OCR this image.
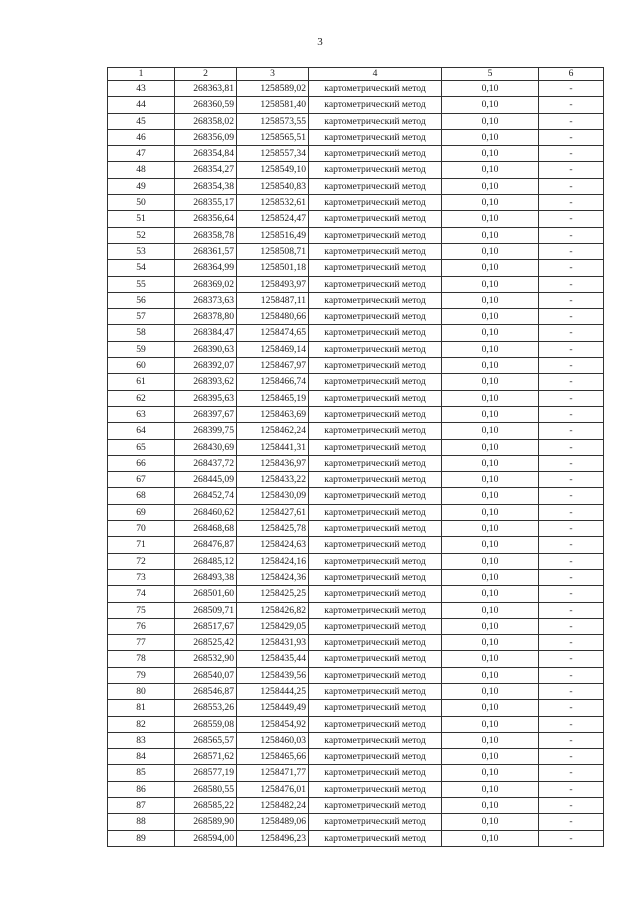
3
1	2	3	4	5	6
43	268363,81	1258589,02	картометрический метод	0,10	-
44	268360,59	1258581,40	картометрический метод	0,10	-
45	268358,02	1258573,55	картометрический метод	0,10	-
46	268356,09	1258565,51	картометрический метод	0,10	-
47	268354,84	1258557,34	картометрический метод	0,10	-
48	268354,27	1258549,10	картометрический метод	0,10	-
49	268354,38	1258540,83	картометрический метод	0,10	-
50	268355,17	1258532,61	картометрический метод	0,10	-
51	268356,64	1258524,47	картометрический метод	0,10	-
52	268358,78	1258516,49	картометрический метод	0,10	-
53	268361,57	1258508,71	картометрический метод	0,10	-
54	268364,99	1258501,18	картометрический метод	0,10	-
55	268369,02	1258493,97	картометрический метод	0,10	-
56	268373,63	1258487,11	картометрический метод	0,10	-
57	268378,80	1258480,66	картометрический метод	0,10	-
58	268384,47	1258474,65	картометрический метод	0,10	-
59	268390,63	1258469,14	картометрический метод	0,10	-
60	268392,07	1258467,97	картометрический метод	0,10	-
61	268393,62	1258466,74	картометрический метод	0,10	-
62	268395,63	1258465,19	картометрический метод	0,10	-
63	268397,67	1258463,69	картометрический метод	0,10	-
64	268399,75	1258462,24	картометрический метод	0,10	-
65	268430,69	1258441,31	картометрический метод	0,10	-
66	268437,72	1258436,97	картометрический метод	0,10	-
67	268445,09	1258433,22	картометрический метод	0,10	-
68	268452,74	1258430,09	картометрический метод	0,10	-
69	268460,62	1258427,61	картометрический метод	0,10	-
70	268468,68	1258425,78	картометрический метод	0,10	-
71	268476,87	1258424,63	картометрический метод	0,10	-
72	268485,12	1258424,16	картометрический метод	0,10	-
73	268493,38	1258424,36	картометрический метод	0,10	-
74	268501,60	1258425,25	картометрический метод	0,10	-
75	268509,71	1258426,82	картометрический метод	0,10	-
76	268517,67	1258429,05	картометрический метод	0,10	-
77	268525,42	1258431,93	картометрический метод	0,10	-
78	268532,90	1258435,44	картометрический метод	0,10	-
79	268540,07	1258439,56	картометрический метод	0,10	-
80	268546,87	1258444,25	картометрический метод	0,10	-
81	268553,26	1258449,49	картометрический метод	0,10	-
82	268559,08	1258454,92	картометрический метод	0,10	-
83	268565,57	1258460,03	картометрический метод	0,10	-
84	268571,62	1258465,66	картометрический метод	0,10	-
85	268577,19	1258471,77	картометрический метод	0,10	-
86	268580,55	1258476,01	картометрический метод	0,10	-
87	268585,22	1258482,24	картометрический метод	0,10	-
88	268589,90	1258489,06	картометрический метод	0,10	-
89	268594,00	1258496,23	картометрический метод	0,10	-
